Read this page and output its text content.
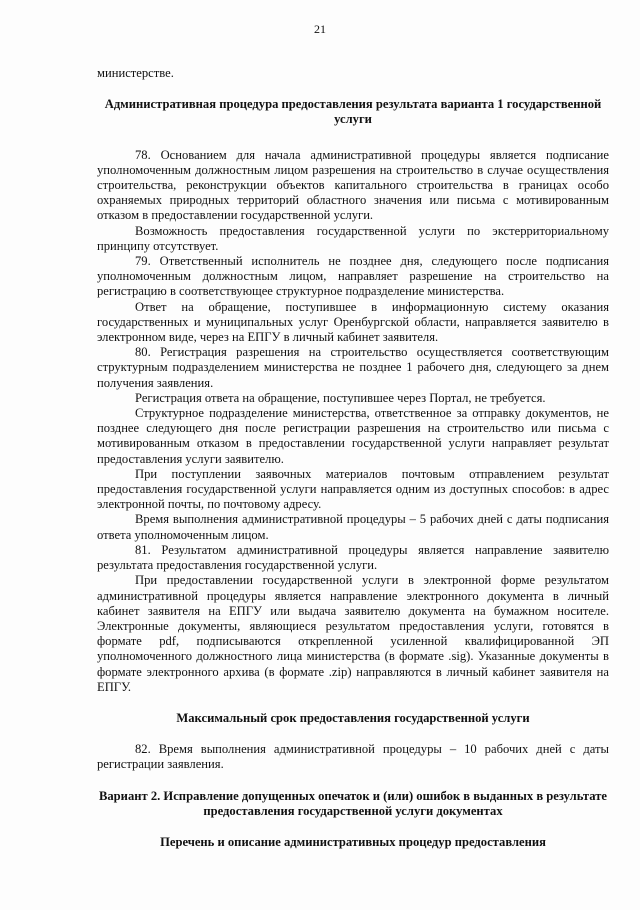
21

министерстве.

Административная процедура предоставления результата варианта 1 государственной услуги

78. Основанием для начала административной процедуры является подписание уполномоченным должностным лицом разрешения на строительство в случае осуществления строительства, реконструкции объектов капитального строительства в границах особо охраняемых природных территорий областного значения или письма с мотивированным отказом в предоставлении государственной услуги.

Возможность предоставления государственной услуги по экстерриториальному принципу отсутствует.

79. Ответственный исполнитель не позднее дня, следующего после подписания уполномоченным должностным лицом, направляет разрешение на строительство на регистрацию в соответствующее структурное подразделение министерства.

Ответ на обращение, поступившее в информационную систему оказания государственных и муниципальных услуг Оренбургской области, направляется заявителю в электронном виде, через на ЕПГУ в личный кабинет заявителя.

80. Регистрация разрешения на строительство осуществляется соответствующим структурным подразделением министерства не позднее 1 рабочего дня, следующего за днем получения заявления.

Регистрация ответа на обращение, поступившее через Портал, не требуется.

Структурное подразделение министерства, ответственное за отправку документов, не позднее следующего дня после регистрации разрешения на строительство или письма с мотивированным отказом в предоставлении государственной услуги направляет результат предоставления услуги заявителю.

При поступлении заявочных материалов почтовым отправлением результат предоставления государственной услуги направляется одним из доступных способов: в адрес электронной почты, по почтовому адресу.

Время выполнения административной процедуры – 5 рабочих дней с даты подписания ответа уполномоченным лицом.

81. Результатом административной процедуры является направление заявителю результата предоставления государственной услуги.

При предоставлении государственной услуги в электронной форме результатом административной процедуры является направление электронного документа в личный кабинет заявителя на ЕПГУ или выдача заявителю документа на бумажном носителе. Электронные документы, являющиеся результатом предоставления услуги, готовятся в формате pdf, подписываются открепленной усиленной квалифицированной ЭП уполномоченного должностного лица министерства (в формате .sig). Указанные документы в формате электронного архива (в формате .zip) направляются в личный кабинет заявителя на ЕПГУ.

Максимальный срок предоставления государственной услуги

82. Время выполнения административной процедуры – 10 рабочих дней с даты регистрации заявления.

Вариант 2. Исправление допущенных опечаток и (или) ошибок в выданных в результате предоставления государственной услуги документах
Перечень и описание административных процедур предоставления
